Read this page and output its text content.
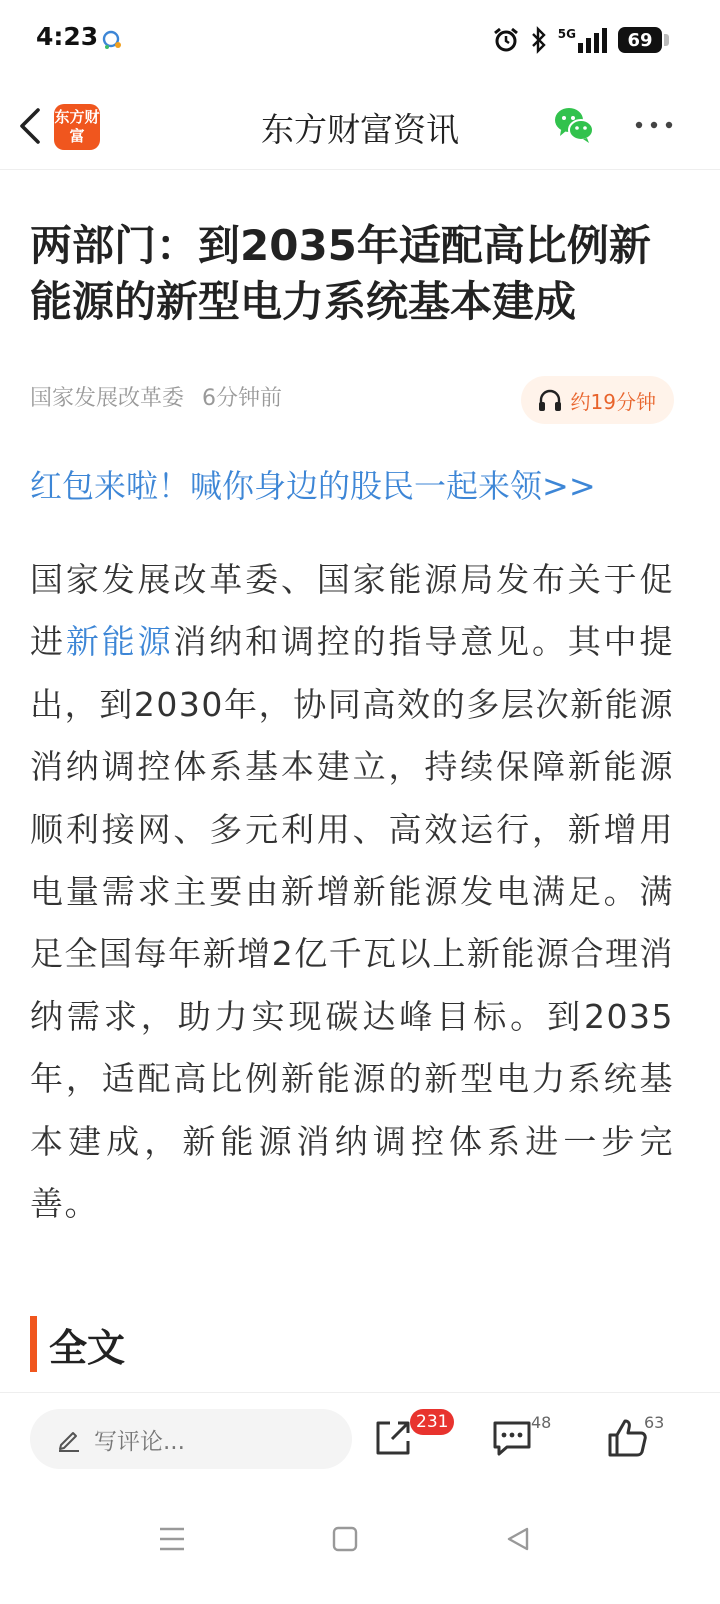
4:23	5G	69
东方财富	东方财富资讯
两部门：到2035年适配高比例新能源的新型电力系统基本建成
国家发展改革委 6分钟前	约19分钟
红包来啦！喊你身边的股民一起来领>>
国家发展改革委、国家能源局发布关于促进新能源消纳和调控的指导意见。其中提出，到2030年，协同高效的多层次新能源消纳调控体系基本建立，持续保障新能源顺利接网、多元利用、高效运行，新增用电量需求主要由新增新能源发电满足。满足全国每年新增2亿千瓦以上新能源合理消纳需求，助力实现碳达峰目标。到2035年，适配高比例新能源的新型电力系统基本建成，新能源消纳调控体系进一步完善。
全文
写评论...
231	48	63
